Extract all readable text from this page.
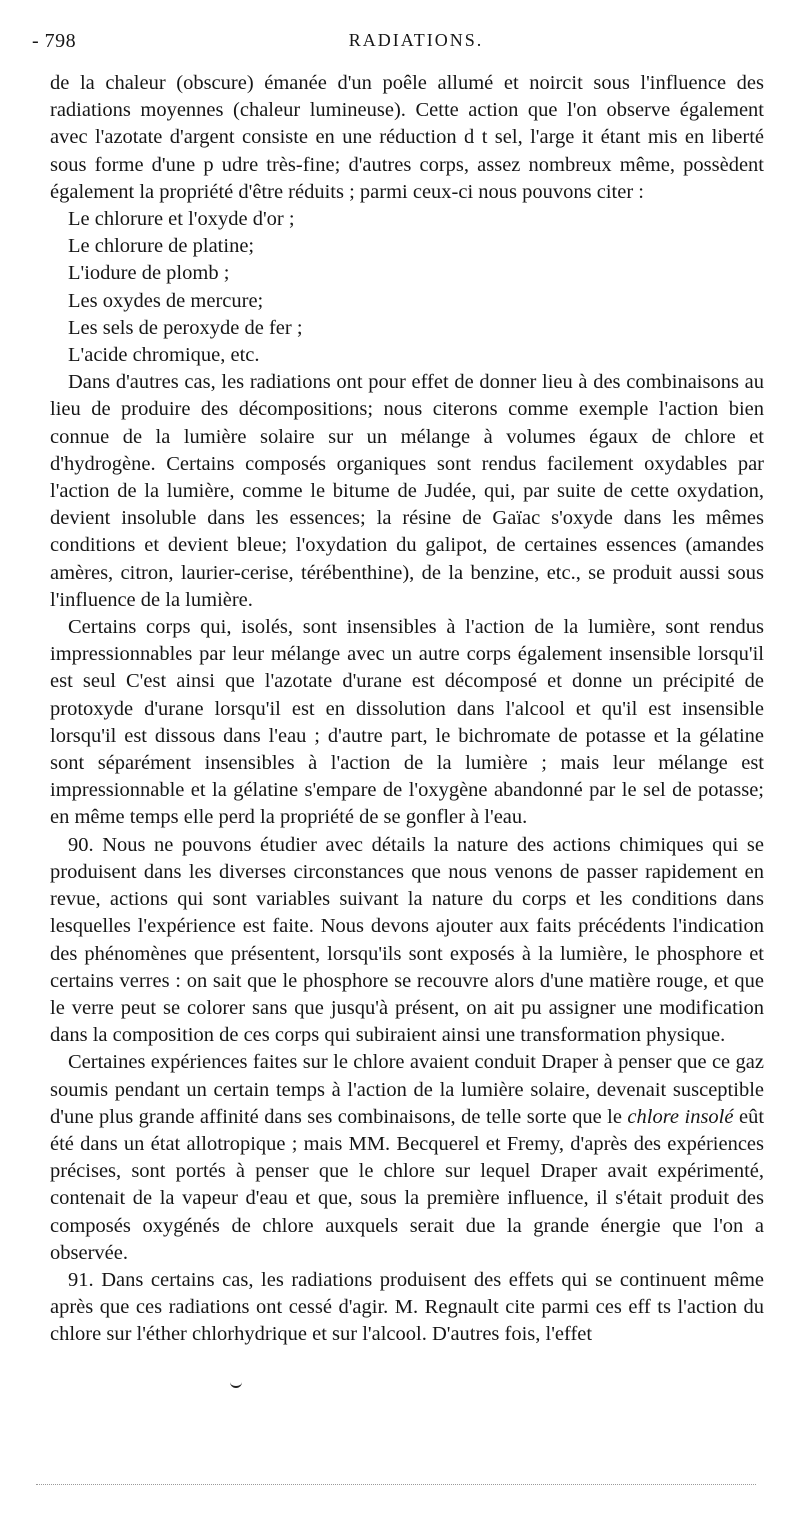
- 798	RADIATIONS.

de la chaleur (obscure) émanée d'un poêle allumé et noircit sous l'influence des radiations moyennes (chaleur lumineuse). Cette action que l'on observe également avec l'azotate d'argent consiste en une réduction d t sel, l'arge it étant mis en liberté sous forme d'une p udre très-fine; d'autres corps, assez nombreux même, possèdent également la propriété d'être réduits ; parmi ceux-ci nous pouvons citer :

Le chlorure et l'oxyde d'or ;
Le chlorure de platine;
L'iodure de plomb ;
Les oxydes de mercure;
Les sels de peroxyde de fer ;
L'acide chromique, etc.

Dans d'autres cas, les radiations ont pour effet de donner lieu à des combinaisons au lieu de produire des décompositions; nous citerons comme exemple l'action bien connue de la lumière solaire sur un mélange à volumes égaux de chlore et d'hydrogène. Certains composés organiques sont rendus facilement oxydables par l'action de la lumière, comme le bitume de Judée, qui, par suite de cette oxydation, devient insoluble dans les essences; la résine de Gaïac s'oxyde dans les mêmes conditions et devient bleue; l'oxydation du galipot, de certaines essences (amandes amères, citron, laurier-cerise, térébenthine), de la benzine, etc., se produit aussi sous l'influence de la lumière.

Certains corps qui, isolés, sont insensibles à l'action de la lumière, sont rendus impressionnables par leur mélange avec un autre corps également insensible lorsqu'il est seul C'est ainsi que l'azotate d'urane est décomposé et donne un précipité de protoxyde d'urane lorsqu'il est en dissolution dans l'alcool et qu'il est insensible lorsqu'il est dissous dans l'eau ; d'autre part, le bichromate de potasse et la gélatine sont séparément insensibles à l'action de la lumière ; mais leur mélange est impressionnable et la gélatine s'empare de l'oxygène abandonné par le sel de potasse; en même temps elle perd la propriété de se gonfler à l'eau.

90. Nous ne pouvons étudier avec détails la nature des actions chimiques qui se produisent dans les diverses circonstances que nous venons de passer rapidement en revue, actions qui sont variables suivant la nature du corps et les conditions dans lesquelles l'expérience est faite. Nous devons ajouter aux faits précédents l'indication des phénomènes que présentent, lorsqu'ils sont exposés à la lumière, le phosphore et certains verres : on sait que le phosphore se recouvre alors d'une matière rouge, et que le verre peut se colorer sans que jusqu'à présent, on ait pu assigner une modification dans la composition de ces corps qui subiraient ainsi une transformation physique.

Certaines expériences faites sur le chlore avaient conduit Draper à penser que ce gaz soumis pendant un certain temps à l'action de la lumière solaire, devenait susceptible d'une plus grande affinité dans ses combinaisons, de telle sorte que le chlore insolé eût été dans un état allotropique ; mais MM. Becquerel et Fremy, d'après des expériences précises, sont portés à penser que le chlore sur lequel Draper avait expérimenté, contenait de la vapeur d'eau et que, sous la première influence, il s'était produit des composés oxygénés de chlore auxquels serait due la grande énergie que l'on a observée.

91. Dans certains cas, les radiations produisent des effets qui se continuent même après que ces radiations ont cessé d'agir. M. Regnault cite parmi ces eff ts l'action du chlore sur l'éther chlorhydrique et sur l'alcool. D'autres fois, l'effet
